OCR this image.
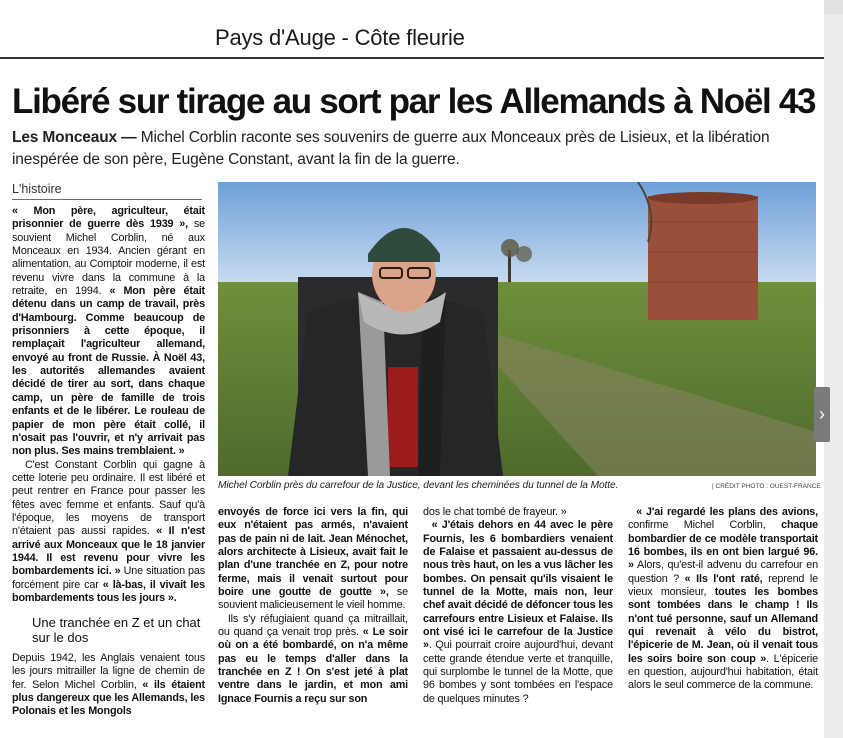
Pays d'Auge - Côte fleurie
Libéré sur tirage au sort par les Allemands à Noël 43
Les Monceaux — Michel Corblin raconte ses souvenirs de guerre aux Monceaux près de Lisieux, et la libération inespérée de son père, Eugène Constant, avant la fin de la guerre.
L'histoire

« Mon père, agriculteur, était prisonnier de guerre dès 1939 », se souvient Michel Corblin, né aux Monceaux en 1934. Ancien gérant en alimentation, au Comptoir moderne, il est revenu vivre dans la commune à la retraite, en 1994. « Mon père était détenu dans un camp de travail, près d'Hambourg. Comme beaucoup de prisonniers à cette époque, il remplaçait l'agriculteur allemand, envoyé au front de Russie. À Noël 43, les autorités allemandes avaient décidé de tirer au sort, dans chaque camp, un père de famille de trois enfants et de le libérer. Le rouleau de papier de mon père était collé, il n'osait pas l'ouvrir, et n'y arrivait pas non plus. Ses mains tremblaient. »

C'est Constant Corblin qui gagne à cette loterie peu ordinaire. Il est libéré et peut rentrer en France pour passer les fêtes avec femme et enfants. Sauf qu'à l'époque, les moyens de transport n'étaient pas aussi rapides. « Il n'est arrivé aux Monceaux que le 18 janvier 1944. Il est revenu pour vivre les bombardements ici. » Une situation pas forcément pire car « là-bas, il vivait les bombardements tous les jours ».

Une tranchée en Z et un chat sur le dos

Depuis 1942, les Anglais venaient tous les jours mitrailler la ligne de chemin de fer. Selon Michel Corblin, « ils étaient plus dangereux que les Allemands, les Polonais et les Mongols

Michel Corblin près du carrefour de la Justice, devant les cheminées du tunnel de la Motte.	| CRÉDIT PHOTO : OUEST-FRANCE

envoyés de force ici vers la fin, qui eux n'étaient pas armés, n'avaient pas de pain ni de lait. Jean Ménochet, alors architecte à Lisieux, avait fait le plan d'une tranchée en Z, pour notre ferme, mais il venait surtout pour boire une goutte de goutte », se souvient malicieusement le vieil homme.

Ils s'y réfugiaient quand ça mitraillait, ou quand ça venait trop près. « Le soir où on a été bombardé, on n'a même pas eu le temps d'aller dans la tranchée en Z ! On s'est jeté à plat ventre dans le jardin, et mon ami Ignace Fournis a reçu sur son

dos le chat tombé de frayeur. »

« J'étais dehors en 44 avec le père Fournis, les 6 bombardiers venaient de Falaise et passaient au-dessus de nous très haut, on les a vus lâcher les bombes. On pensait qu'ils visaient le tunnel de la Motte, mais non, leur chef avait décidé de défoncer tous les carrefours entre Lisieux et Falaise. Ils ont visé ici le carrefour de la Justice ». Qui pourrait croire aujourd'hui, devant cette grande étendue verte et tranquille, qui surplombe le tunnel de la Motte, que 96 bombes y sont tombées en l'espace de quelques minutes ?

« J'ai regardé les plans des avions, confirme Michel Corblin, chaque bombardier de ce modèle transportait 16 bombes, ils en ont bien largué 96. » Alors, qu'est-il advenu du carrefour en question ? « Ils l'ont raté, reprend le vieux monsieur, toutes les bombes sont tombées dans le champ ! Ils n'ont tué personne, sauf un Allemand qui revenait à vélo du bistrot, l'épicerie de M. Jean, où il venait tous les soirs boire son coup ». L'épicerie en question, aujourd'hui habitation, était alors le seul commerce de la commune.

›
